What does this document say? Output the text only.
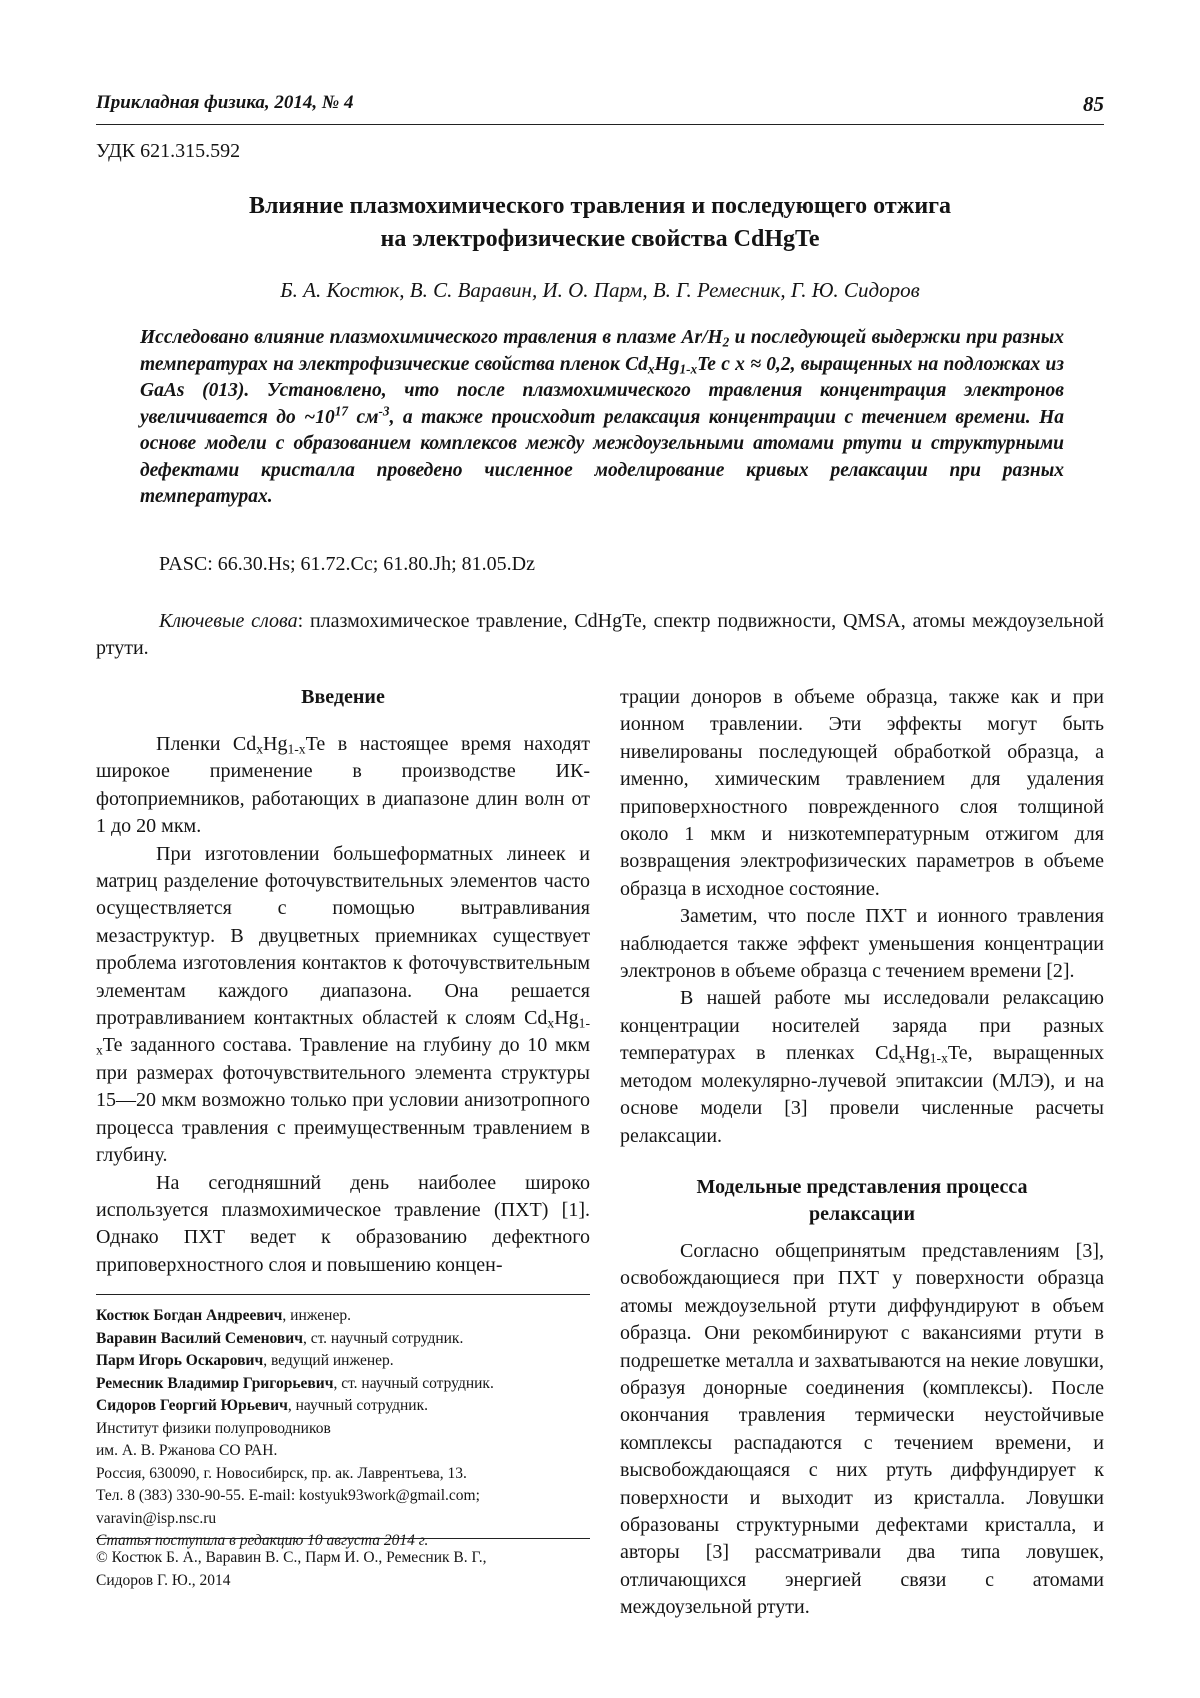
Прикладная физика, 2014, № 4	85
УДК 621.315.592
Влияние плазмохимического травления и последующего отжига
на электрофизические свойства CdHgTe
Б. А. Костюк, В. С. Варавин, И. О. Парм, В. Г. Ремесник, Г. Ю. Сидоров

Исследовано влияние плазмохимического травления в плазме $Ar/H_2$ и последующей выдержки при разных температурах на электрофизические свойства пленок $Cd_xHg_{1-x}Te$ с x ≈ 0,2, выращенных на подложках из GaAs (013). Установлено, что после плазмохимического травления концентрация электронов увеличивается до $\sim 10^{17}$ $см^{-3}$, а также происходит релаксация концентрации с течением времени. На основе модели с образованием комплексов между междоузельными атомами ртути и структурными дефектами кристалла проведено численное моделирование кривых релаксации при разных температурах.

PASC: 66.30.Hs; 61.72.Cc; 61.80.Jh; 81.05.Dz

Ключевые слова: плазмохимическое травление, CdHgTe, спектр подвижности, QMSA, атомы междоузельной ртути.

Введение

Пленки $Cd_xHg_{1-x}Te$ в настоящее время находят широкое применение в производстве ИК-фотоприемников, работающих в диапазоне длин волн от 1 до 20 мкм.

При изготовлении большеформатных линеек и матриц разделение фоточувствительных элементов часто осуществляется с помощью вытравливания мезаструктур. В двуцветных приемниках существует проблема изготовления контактов к фоточувствительным элементам каждого диапазона. Она решается протравливанием контактных областей к слоям $Cd_xHg_{1-x}Te$ заданного состава. Травление на глубину до 10 мкм при размерах фоточувствительного элемента структуры 15—20 мкм возможно только при условии анизотропного процесса травления с преимущественным травлением в глубину.

На сегодняшний день наиболее широко используется плазмохимическое травление (ПХТ) [1]. Однако ПХТ ведет к образованию дефектного приповерхностного слоя и повышению концен-

трации доноров в объеме образца, также как и при ионном травлении. Эти эффекты могут быть нивелированы последующей обработкой образца, а именно, химическим травлением для удаления приповерхностного поврежденного слоя толщиной около 1 мкм и низкотемпературным отжигом для возвращения электрофизических параметров в объеме образца в исходное состояние.

Заметим, что после ПХТ и ионного травления наблюдается также эффект уменьшения концентрации электронов в объеме образца с течением времени [2].

В нашей работе мы исследовали релаксацию концентрации носителей заряда при разных температурах в пленках $Cd_xHg_{1-x}Te$, выращенных методом молекулярно-лучевой эпитаксии (МЛЭ), и на основе модели [3] провели численные расчеты релаксации.

Модельные представления процесса
релаксации

Согласно общепринятым представлениям [3], освобождающиеся при ПХТ у поверхности образца атомы междоузельной ртути диффундируют в объем образца. Они рекомбинируют с вакансиями ртути в подрешетке металла и захватываются на некие ловушки, образуя донорные соединения (комплексы). После окончания травления термически неустойчивые комплексы распадаются с течением времени, и высвобождающаяся с них ртуть диффундирует к поверхности и выходит из кристалла. Ловушки образованы структурными дефектами кристалла, и авторы [3] рассматривали два типа ловушек, отличающихся энергией связи с атомами междоузельной ртути.

Костюк Богдан Андреевич, инженер.
Варавин Василий Семенович, ст. научный сотрудник.
Парм Игорь Оскарович, ведущий инженер.
Ремесник Владимир Григорьевич, ст. научный сотрудник.
Сидоров Георгий Юрьевич, научный сотрудник.
Институт физики полупроводников
им. А. В. Ржанова СО РАН.
Россия, 630090, г. Новосибирск, пр. ак. Лаврентьева, 13.
Тел. 8 (383) 330-90-55. E-mail: kostyuk93work@gmail.com;
varavin@isp.nsc.ru
Статья поступила в редакцию 10 августа 2014 г.
© Костюк Б. А., Варавин В. С., Парм И. О., Ремесник В. Г.,
Сидоров Г. Ю., 2014
